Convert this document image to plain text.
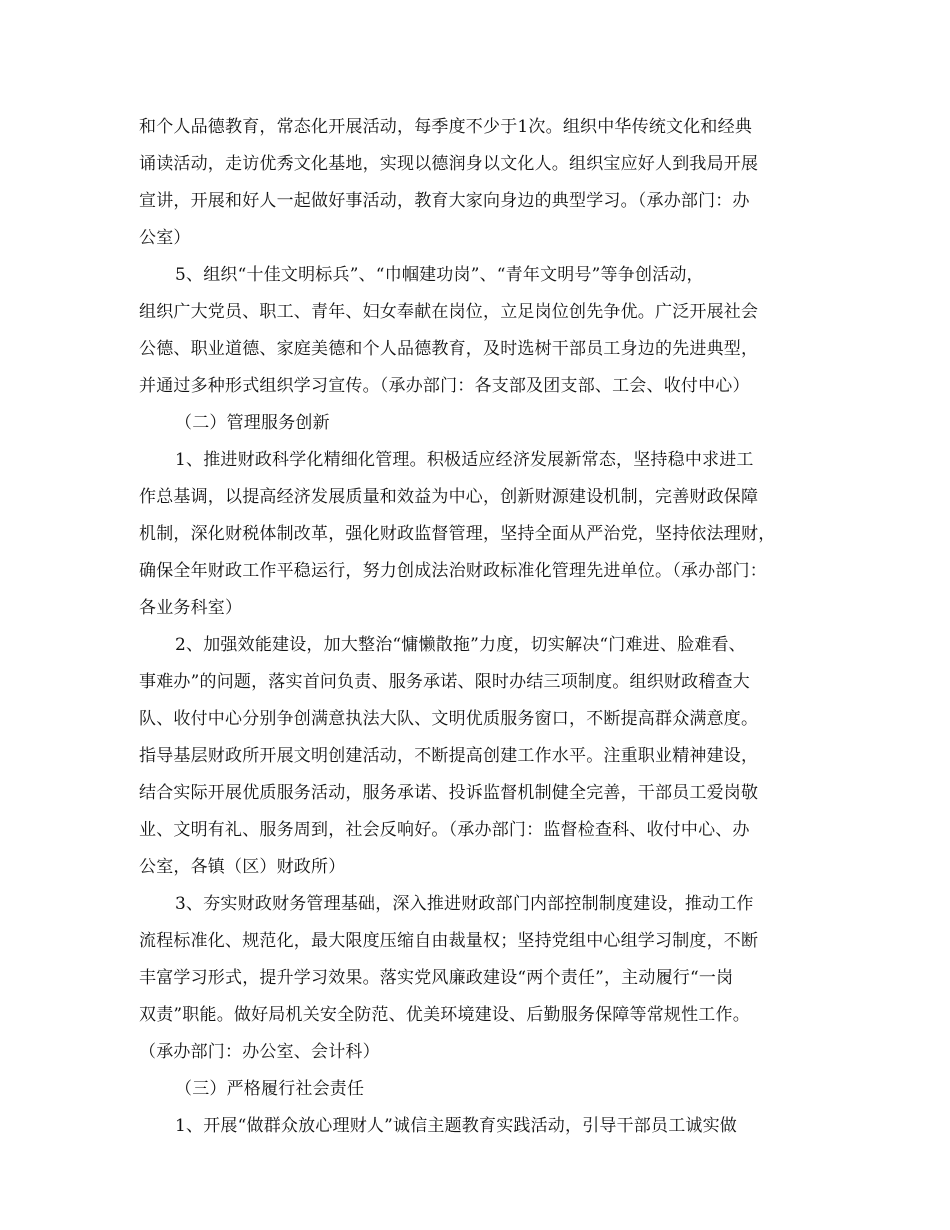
和个人品德教育，常态化开展活动，每季度不少于1次。组织中华传统文化和经典
诵读活动，走访优秀文化基地，实现以德润身以文化人。组织宝应好人到我局开展
宣讲，开展和好人一起做好事活动，教育大家向身边的典型学习。（承办部门：办
公室）
5、组织“十佳文明标兵”、“巾帼建功岗”、“青年文明号”等争创活动，
组织广大党员、职工、青年、妇女奉献在岗位，立足岗位创先争优。广泛开展社会
公德、职业道德、家庭美德和个人品德教育，及时选树干部员工身边的先进典型，
并通过多种形式组织学习宣传。（承办部门：各支部及团支部、工会、收付中心）
（二）管理服务创新
1、推进财政科学化精细化管理。积极适应经济发展新常态，坚持稳中求进工
作总基调，以提高经济发展质量和效益为中心，创新财源建设机制，完善财政保障
机制，深化财税体制改革，强化财政监督管理，坚持全面从严治党，坚持依法理财，
确保全年财政工作平稳运行，努力创成法治财政标准化管理先进单位。（承办部门：
各业务科室）
2、加强效能建设，加大整治“慵懒散拖”力度，切实解决“门难进、脸难看、
事难办”的问题，落实首问负责、服务承诺、限时办结三项制度。组织财政稽查大
队、收付中心分别争创满意执法大队、文明优质服务窗口，不断提高群众满意度。
指导基层财政所开展文明创建活动，不断提高创建工作水平。注重职业精神建设，
结合实际开展优质服务活动，服务承诺、投诉监督机制健全完善，干部员工爱岗敬
业、文明有礼、服务周到，社会反响好。（承办部门：监督检查科、收付中心、办
公室，各镇（区）财政所）
3、夯实财政财务管理基础，深入推进财政部门内部控制制度建设，推动工作
流程标准化、规范化，最大限度压缩自由裁量权；坚持党组中心组学习制度，不断
丰富学习形式，提升学习效果。落实党风廉政建设“两个责任”，主动履行“一岗
双责”职能。做好局机关安全防范、优美环境建设、后勤服务保障等常规性工作。
（承办部门：办公室、会计科）
（三）严格履行社会责任
1、开展“做群众放心理财人”诚信主题教育实践活动，引导干部员工诚实做
